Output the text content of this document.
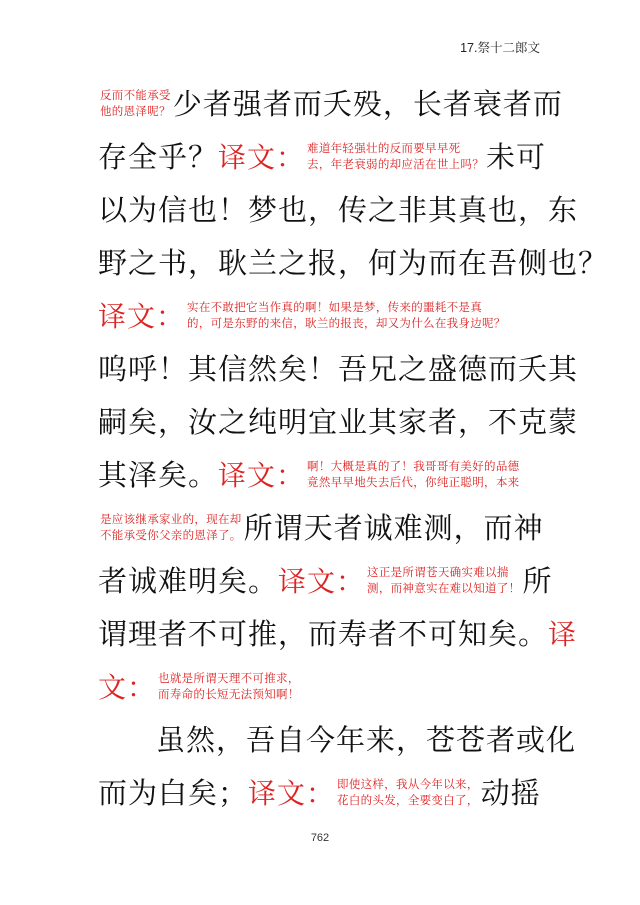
17.祭十二郎文
反而不能承受
他的恩泽呢？ 少者强者而夭殁，长者衰者而
存全乎？ 译文： 难道年轻强壮的反而要早早死
去，年老衰弱的却应活在世上吗？ 未可
以为信也！梦也，传之非其真也，东
野之书，耿兰之报，何为而在吾侧也？
译文： 实在不敢把它当作真的啊！如果是梦，传来的噩耗不是真
的，可是东野的来信，耿兰的报丧，却又为什么在我身边呢？
呜呼！其信然矣！吾兄之盛德而夭其
嗣矣，汝之纯明宜业其家者，不克蒙
其泽矣。 译文： 啊！大概是真的了！我哥哥有美好的品德
竟然早早地失去后代，你纯正聪明，本来
是应该继承家业的，现在却
不能承受你父亲的恩泽了。 所谓天者诚难测，而神
者诚难明矣。 译文： 这正是所谓苍天确实难以揣
测，而神意实在难以知道了！ 所
谓理者不可推，而寿者不可知矣。 译
文： 也就是所谓天理不可推求，
而寿命的长短无法预知啊！
虽然，吾自今年来，苍苍者或化
而为白矣； 译文： 即使这样，我从今年以来，
花白的头发，全要变白了， 动摇
762
